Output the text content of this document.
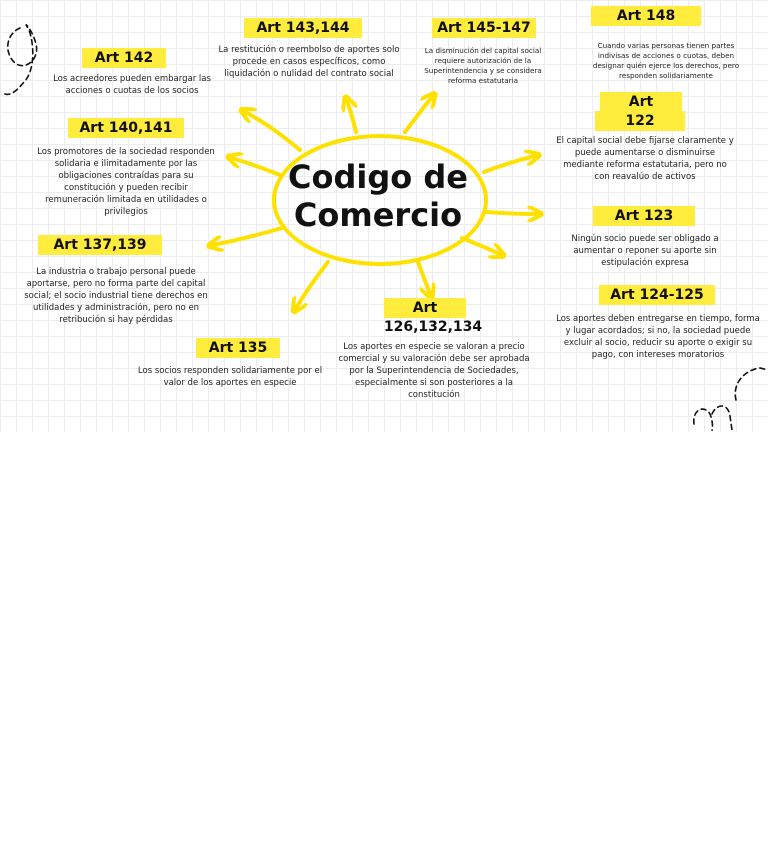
Codigo de
Comercio
Art 142
Los acreedores pueden embargar las acciones o cuotas de los socios
Art 143,144
La restitución o reembolso de aportes solo procede en casos específicos, como liquidación o nulidad del contrato social
Art 145-147
La disminución del capital social requiere autorización de la Superintendencia y se considera reforma estatutaria
Art 148
Cuando varias personas tienen partes indivisas de acciones o cuotas, deben designar quién ejerce los derechos, pero responden solidariamente
Art 140,141
Los promotores de la sociedad responden solidaria e ilimitadamente por las obligaciones contraídas para su constitución y pueden recibir remuneración limitada en utilidades o privilegios
Art
122
El capital social debe fijarse claramente y puede aumentarse o disminuirse mediante reforma estatutaria, pero no con reavalúo de activos
Art 123
Ningún socio puede ser obligado a aumentar o reponer su aporte sin estipulación expresa
Art 137,139
La industria o trabajo personal puede aportarse, pero no forma parte del capital social; el socio industrial tiene derechos en utilidades y administración, pero no en retribución si hay pérdidas
Art 124-125
Los aportes deben entregarse en tiempo, forma y lugar acordados; si no, la sociedad puede excluir al socio, reducir su aporte o exigir su pago, con intereses moratorios
Art
126,132,134
Los aportes en especie se valoran a precio comercial y su valoración debe ser aprobada por la Superintendencia de Sociedades, especialmente si son posteriores a la constitución
Art 135
Los socios responden solidariamente por el valor de los aportes en especie
